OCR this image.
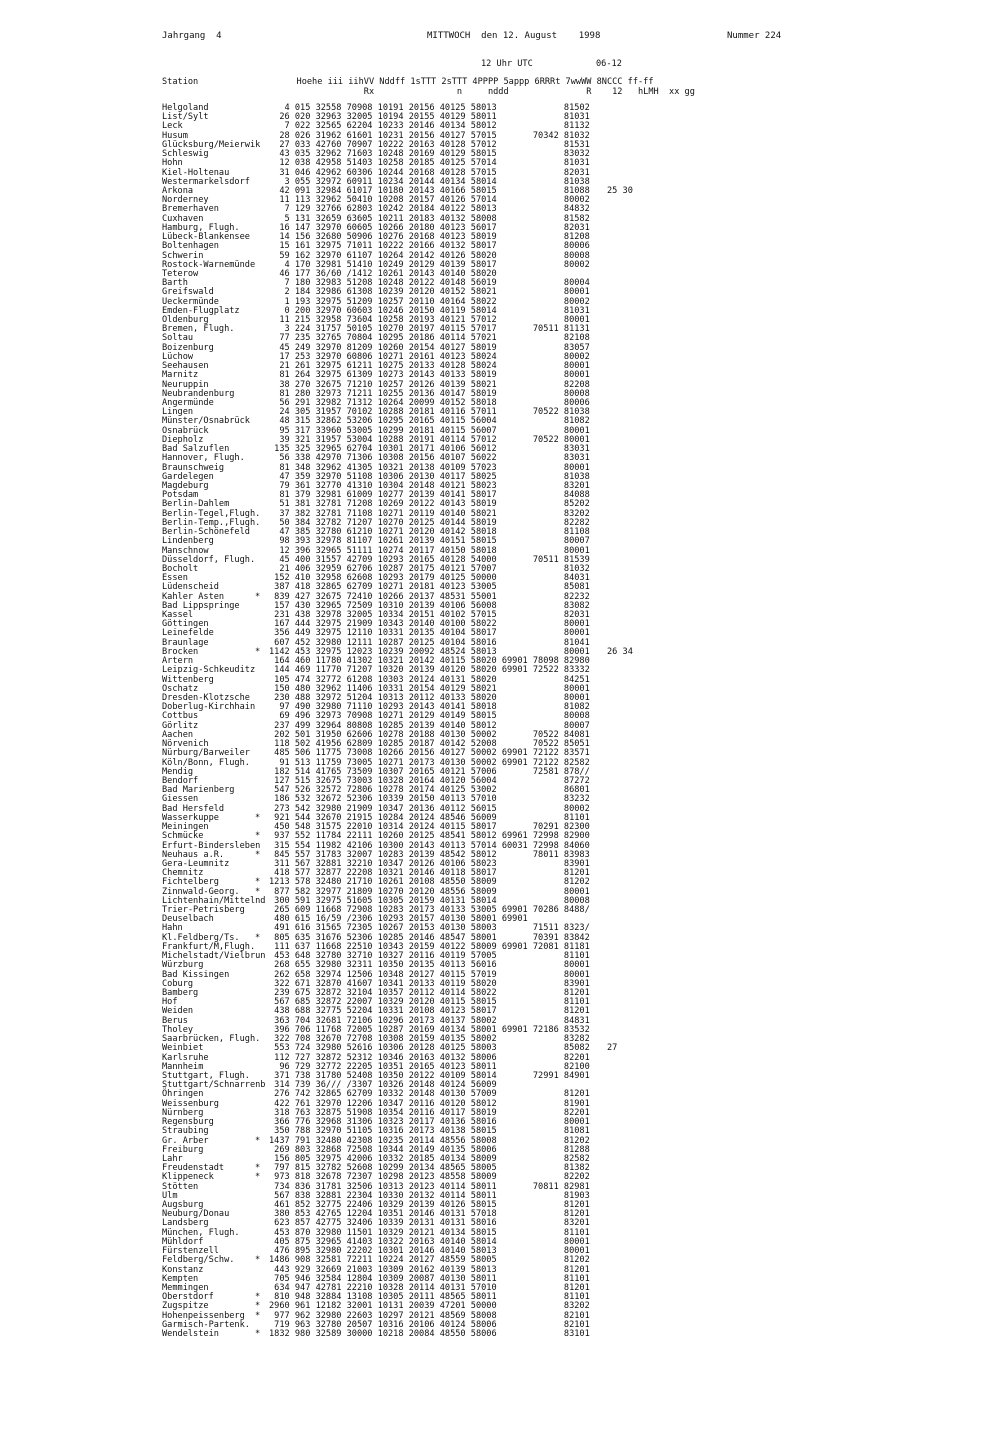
Jahrgang  4	MITTWOCH  den 12. August    1998	Nummer 224
12 Uhr UTC	06-12
Station                   Hoehe iii iihVV Nddff 1sTTT 2sTTT 4PPPP 5appp 6RRRt 7wwWW 8NCCC ff-ff
Rx                n     nddd               R    12   hLMH  xx gg
Helgoland	4 015 32558 70908 10191 20156 40125 58013             81502
List/Sylt	26 020 32963 32005 10194 20155 40129 58011             81031
Leck	7 022 32565 62204 10233 20146 40134 58012             81132
Husum	28 026 31962 61601 10231 20156 40127 57015       70342 81032
Glücksburg/Meierwik 27 033 42760 70907 10222 20163 40128 57012             81531
Schleswig	43 035 32962 71603 10248 20169 40129 58015             83032
Hohn	12 038 42958 51403 10258 20185 40125 57014             81031
Kiel-Holtenau	31 046 42962 60306 10244 20168 40128 57015             82031
Westermarkelsdorf 3 055 32972 60911 10234 20144 40134 58014             81038
Arkona	42 091 32984 61017 10180 20143 40166 58015             81088 25 30
Norderney	11 113 32962 50410 10208 20157 40126 57014             80002
Bremerhaven	7 129 32766 62803 10242 20184 40122 58013             84832
Cuxhaven	5 131 32659 63605 10211 20183 40132 58008             81582
Hamburg, Flugh.	16 147 32970 60605 10266 20180 40123 56017             82031
Lübeck-Blankensee 14 156 32680 50906 10276 20168 40123 58019             81208
Boltenhagen	15 161 32975 71011 10222 20166 40132 58017             80006
Schwerin	59 162 32970 61107 10264 20142 40126 58020             80008
Rostock-Warnemünde 4 170 32981 51410 10249 20129 40139 58017             80002
Teterow	46 177 36/60 /1412 10261 20143 40140 58020
Barth	7 180 32983 51208 10248 20122 40148 56019             80004
Greifswald	2 184 32986 61308 10239 20120 40152 58021             80001
Ueckermünde	1 193 32975 51209 10257 20110 40164 58022             80002
Emden-Flugplatz	0 200 32970 60603 10246 20150 40119 58014             81031
Oldenburg	11 215 32958 73604 10258 20193 40121 57012             80001
Bremen, Flugh.	3 224 31757 50105 10270 20197 40115 57017       70511 81131
Soltau	77 235 32765 70804 10295 20186 40114 57021             82108
Boizenburg	45 249 32970 81209 10260 20154 40127 58019             83057
Lüchow	17 253 32970 60806 10271 20161 40123 58024             80002
Seehausen	21 261 32975 61211 10275 20133 40128 58024             80001
Marnitz	81 264 32975 61309 10273 20143 40133 58019             80001
Neuruppin	38 270 32675 71210 10257 20126 40139 58021             82208
Neubrandenburg	81 280 32973 71211 10255 20136 40147 58019             80008
Angermünde	56 291 32982 71312 10264 20099 40152 58018             80006
Lingen	24 305 31957 70102 10288 20181 40116 57011       70522 81038
Münster/Osnabrück 48 315 32862 53206 10295 20165 40115 56004             81082
Osnabrück	95 317 33960 53005 10299 20181 40115 56007             80001
Diepholz	39 321 31957 53004 10288 20191 40114 57012       70522 80001
Bad Salzuflen	135 325 32965 62704 10301 20171 40106 56012             83031
Hannover, Flugh.	56 338 42970 71306 10308 20156 40107 56022             83031
Braunschweig	81 348 32962 41305 10321 20138 40109 57023             80001
Gardelegen	47 359 32970 51108 10306 20130 40117 58025             81038
Magdeburg	79 361 32770 41310 10304 20148 40121 58023             83201
Potsdam	81 379 32981 61009 10277 20139 40141 58017             84088
Berlin-Dahlem	51 381 32781 71208 10269 20122 40143 58019             85202
Berlin-Tegel,Flugh. 37 382 32781 71108 10271 20119 40140 58021             83202
Berlin-Temp.,Flugh. 50 384 32782 71207 10270 20125 40144 58019             82282
Berlin-Schönefeld 47 385 32780 61210 10271 20120 40142 58018             81108
Lindenberg	98 393 32978 81107 10261 20139 40151 58015             80007
Manschnow	12 396 32965 51111 10274 20117 40150 58018             80001
Düsseldorf, Flugh. 45 400 31557 42709 10293 20165 40128 54000       70511 81539
Bocholt	21 406 32959 62706 10287 20175 40121 57007             81032
Essen	152 410 32958 62608 10293 20179 40125 50000             84031
Lüdenscheid	387 418 32865 62709 10271 20181 40123 53005             85081
Kahler Asten	* 839 427 32675 72410 10266 20137 48531 55001             82232
Bad Lippspringe	157 430 32965 72509 10310 20139 40106 56008             83082
Kassel	231 438 32978 32005 10334 20151 40102 57015             82031
Göttingen	167 444 32975 21909 10343 20140 40100 58022             80001
Leinefelde	356 449 32975 12110 10331 20135 40104 58017             80001
Braunlage	607 452 32980 12111 10287 20125 40104 58016             81041
Brocken	* 1142 453 32975 12023 10239 20092 48524 58013             80001 26 34
Artern	164 460 11780 41302 10321 20142 40115 58020 69901 78098 82980
Leipzig-Schkeuditz 144 469 11770 71207 10320 20139 40120 58020 69901 72522 83332
Wittenberg	105 474 32772 61208 10303 20124 40131 58020             84251
Oschatz	150 480 32962 11406 10331 20154 40129 58021             80001
Dresden-Klotzsche 230 488 32972 51204 10313 20112 40133 58020             80001
Doberlug-Kirchhain 97 490 32980 71110 10293 20143 40141 58018             81082
Cottbus	69 496 32973 70908 10271 20129 40149 58015             80008
Görlitz	237 499 32964 80808 10285 20139 40140 58012             80007
Aachen	202 501 31950 62606 10278 20188 40130 50002       70522 84081
Nörvenich	118 502 41956 62809 10285 20187 40142 52008       70522 85051
Nürburg/Barweiler 485 506 11775 73008 10266 20156 40127 50002 69901 72122 83571
Köln/Bonn, Flugh. 91 513 11759 73005 10271 20173 40130 50002 69901 72122 82582
Mendig	182 514 41765 73509 10307 20165 40121 57006       72581 878//
Bendorf	127 515 32675 73003 10328 20164 40120 56004             87272
Bad Marienberg	547 526 32572 72806 10278 20174 40125 53002             86801
Giessen	186 532 32672 52306 10339 20150 40113 57010             83232
Bad Hersfeld	273 542 32980 21909 10347 20136 40112 56015             80002
Wasserkuppe	* 921 544 32670 21915 10284 20124 48546 56009             81101
Meiningen	450 548 31575 22010 10314 20124 40115 58017       70291 82300
Schmücke	* 937 552 11784 22111 10260 20125 48541 58012 69961 72998 82900
Erfurt-Bindersleben 315 554 11982 42106 10300 20143 40113 57014 60031 72998 84060
Neuhaus a.R.	* 845 557 31783 32007 10283 20139 48542 58012       78011 83983
Gera-Leumnitz	311 567 32881 32210 10347 20126 40106 58023             83901
Chemnitz	418 577 32877 22208 10321 20146 40118 58017             81201
Fichtelberg	* 1213 578 32480 21710 10261 20108 48550 58009             81202
Zinnwald-Georg. * 877 582 32977 21809 10270 20120 48556 58009             80001
Lichtenhain/Mittelnd 300 591 32975 51605 10305 20159 40131 58014             80008
Trier-Petrisberg	265 609 11668 72908 10283 20173 40133 53005 69901 70286 8488/
Deuselbach	480 615 16/59 /2306 10293 20157 40130 58001 69901
Hahn	491 616 31565 72305 10267 20153 40130 58003       71511 8323/
Kl.Feldberg/Ts. * 805 635 31676 52306 10285 20146 48547 58001       70391 83842
Frankfurt/M,Flugh. 111 637 11668 22510 10343 20159 40122 58009 69901 72081 81181
Michelstadt/Vielbrun 453 648 32780 32710 10327 20116 40119 57005             81101
Würzburg	268 655 32980 32311 10350 20135 40113 56016             80001
Bad Kissingen	262 658 32974 12506 10348 20127 40115 57019             80001
Coburg	322 671 32870 41607 10341 20133 40119 58020             83901
Bamberg	239 675 32872 32104 10357 20112 40114 58022             81201
Hof	567 685 32872 22007 10329 20120 40115 58015             81101
Weiden	438 688 32775 52204 10331 20108 40123 58017             81201
Berus	363 704 32681 72106 10296 20173 40137 58002             84831
Tholey	396 706 11768 72005 10287 20169 40134 58001 69901 72186 83532
Saarbrücken, Flugh. 322 708 32670 72708 10308 20159 40135 58002             83282
Weinbiet	553 724 32980 52616 10306 20128 40125 58003             85082 27
Karlsruhe	112 727 32872 52312 10346 20163 40132 58006             82201
Mannheim	96 729 32772 22205 10351 20165 40123 58011             82100
Stuttgart, Flugh. 371 738 31780 52408 10350 20122 40109 58014       72991 84901
Stuttgart/Schnarrenb 314 739 36/// /3307 10326 20148 40124 56009
Öhringen	276 742 32865 62709 10332 20148 40130 57009             81201
Weissenburg	422 761 32970 12206 10347 20116 40120 58012             81901
Nürnberg	318 763 32875 51908 10354 20116 40117 58019             82201
Regensburg	366 776 32968 31306 10323 20117 40136 58016             80001
Straubing	350 788 32970 51105 10316 20173 40138 58015             81081
Gr. Arber	* 1437 791 32480 42308 10235 20114 48556 58008             81202
Freiburg	269 803 32868 72508 10344 20149 40135 58006             81288
Lahr	156 805 32975 42006 10332 20185 40134 58009             82582
Freudenstadt	* 797 815 32782 52608 10299 20134 48565 58005             81382
Klippeneck	* 973 818 32678 72307 10298 20123 48558 58009             82202
Stötten	734 836 31781 32506 10313 20123 40114 58011       70811 82981
Ulm	567 838 32881 22304 10330 20132 40114 58011             81903
Augsburg	461 852 32775 22406 10329 20139 40126 58015             81201
Neuburg/Donau	380 853 42765 12204 10351 20146 40131 57018             81201
Landsberg	623 857 42775 32406 10339 20131 40131 58016             83201
München, Flugh.	453 870 32980 11501 10329 20121 40134 58015             81101
Mühldorf	405 875 32965 41403 10322 20163 40140 58014             80001
Fürstenzell	476 895 32980 22202 10301 20146 40140 58013             80001
Feldberg/Schw. * 1486 908 32581 72211 10224 20127 48559 58005             81202
Konstanz	443 929 32669 21003 10309 20162 40139 58013             81201
Kempten	705 946 32584 12804 10309 20087 40130 58011             81101
Memmingen	634 947 42781 22210 10328 20114 40131 57010             81201
Oberstdorf	* 810 948 32884 13108 10305 20111 48565 58011             81101
Zugspitze	* 2960 961 12182 32001 10131 20039 47201 50000             83202
Hohenpeissenberg * 977 962 32980 22603 10297 20121 48569 58008             82101
Garmisch-Partenk. 719 963 32780 20507 10316 20106 40124 58006             82101
Wendelstein	* 1832 980 32589 30000 10218 20084 48550 58006             83101
